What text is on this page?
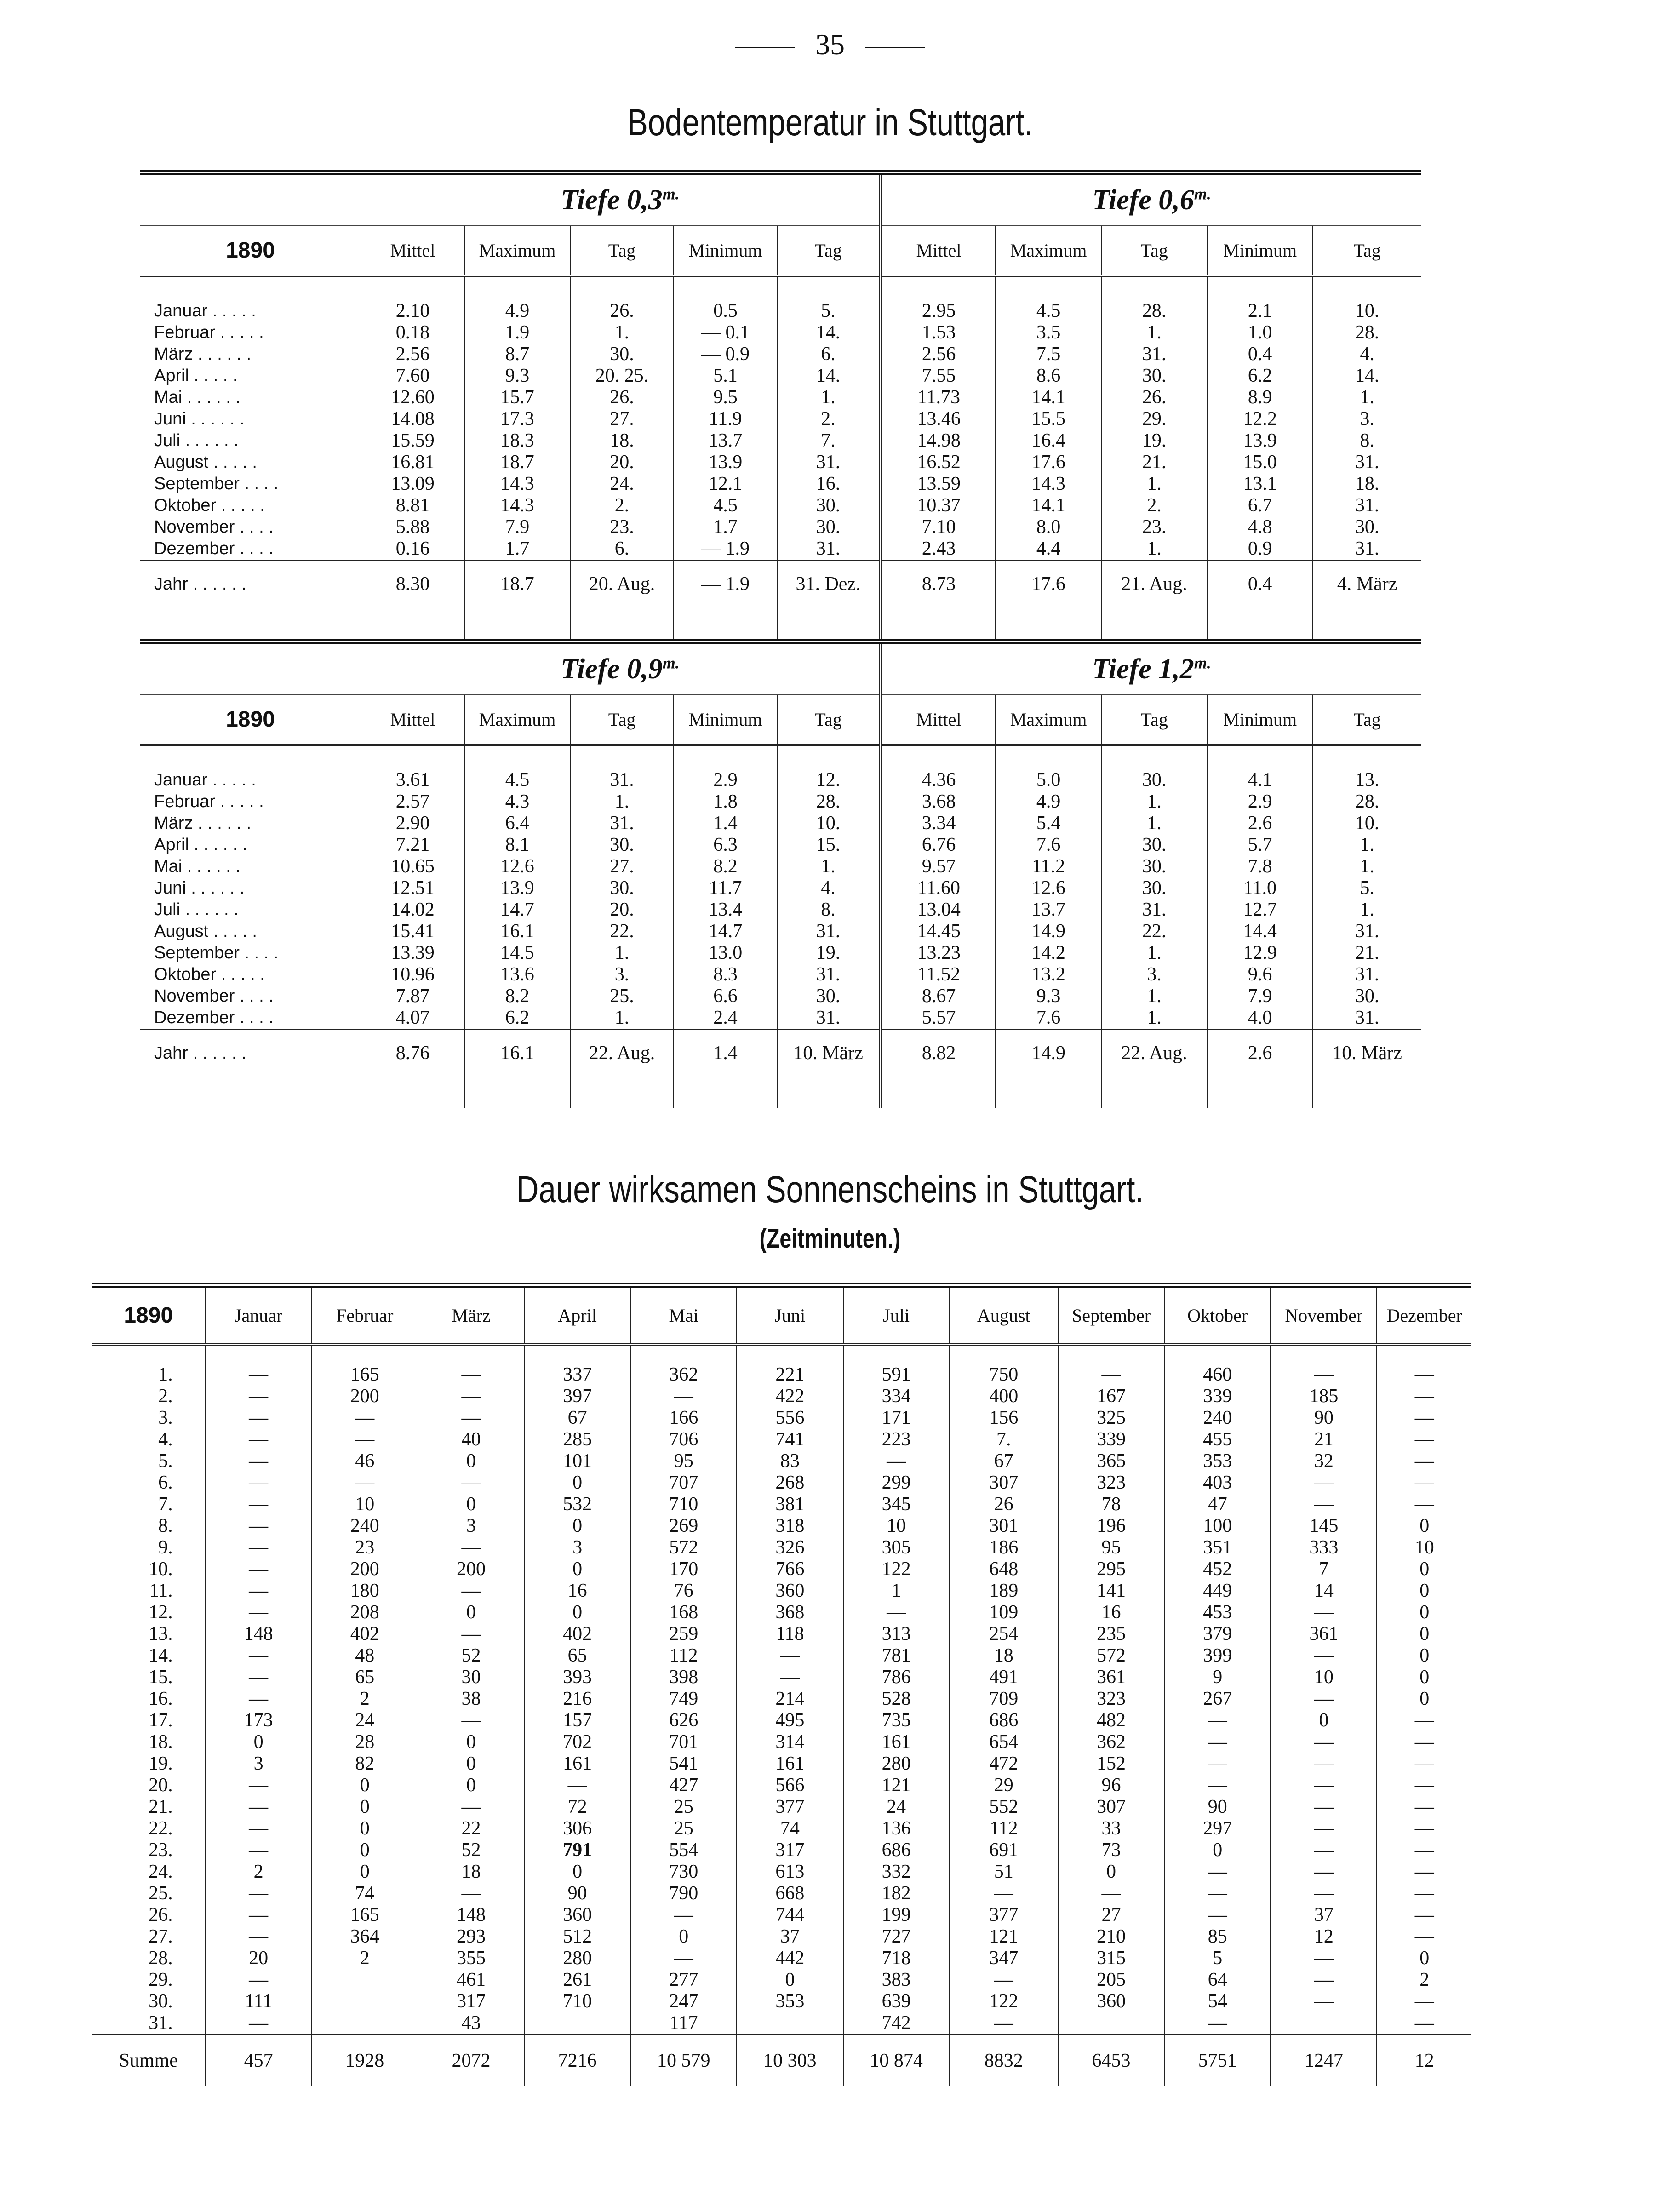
35
Bodentemperatur in Stuttgart.
	Tiefe $0,3^{m.}$					Tiefe $0,6^{m.}$
1890	Mittel	Maximum	Tag	Minimum	Tag	Mittel	Maximum	Tag	Minimum	Tag

Januar . . . . .	2.10	4.9	26.	0.5	5.	2.95	4.5	28.	2.1	10.
Februar . . . . .	0.18	1.9	1.	— 0.1	14.	1.53	3.5	1.	1.0	28.
März . . . . . .	2.56	8.7	30.	— 0.9	6.	2.56	7.5	31.	0.4	4.
April . . . . .	7.60	9.3	20. 25.	5.1	14.	7.55	8.6	30.	6.2	14.
Mai . . . . . .	12.60	15.7	26.	9.5	1.	11.73	14.1	26.	8.9	1.
Juni . . . . . .	14.08	17.3	27.	11.9	2.	13.46	15.5	29.	12.2	3.
Juli . . . . . .	15.59	18.3	18.	13.7	7.	14.98	16.4	19.	13.9	8.
August . . . . .	16.81	18.7	20.	13.9	31.	16.52	17.6	21.	15.0	31.
September . . . .	13.09	14.3	24.	12.1	16.	13.59	14.3	1.	13.1	18.
Oktober . . . . .	8.81	14.3	2.	4.5	30.	10.37	14.1	2.	6.7	31.
November . . . .	5.88	7.9	23.	1.7	30.	7.10	8.0	23.	4.8	30.
Dezember . . . .	0.16	1.7	6.	— 1.9	31.	2.43	4.4	1.	0.9	31.
Jahr . . . . . .	8.30	18.7	20. Aug.	— 1.9	31. Dez.	8.73	17.6	21. Aug.	0.4	4. März

	Tiefe $0,9^{m.}$					Tiefe $1,2^{m.}$
1890	Mittel	Maximum	Tag	Minimum	Tag	Mittel	Maximum	Tag	Minimum	Tag

Januar . . . . .	3.61	4.5	31.	2.9	12.	4.36	5.0	30.	4.1	13.
Februar . . . . .	2.57	4.3	1.	1.8	28.	3.68	4.9	1.	2.9	28.
März . . . . . .	2.90	6.4	31.	1.4	10.	3.34	5.4	1.	2.6	10.
April . . . . . .	7.21	8.1	30.	6.3	15.	6.76	7.6	30.	5.7	1.
Mai . . . . . .	10.65	12.6	27.	8.2	1.	9.57	11.2	30.	7.8	1.
Juni . . . . . .	12.51	13.9	30.	11.7	4.	11.60	12.6	30.	11.0	5.
Juli . . . . . .	14.02	14.7	20.	13.4	8.	13.04	13.7	31.	12.7	1.
August . . . . .	15.41	16.1	22.	14.7	31.	14.45	14.9	22.	14.4	31.
September . . . .	13.39	14.5	1.	13.0	19.	13.23	14.2	1.	12.9	21.
Oktober . . . . .	10.96	13.6	3.	8.3	31.	11.52	13.2	3.	9.6	31.
November . . . .	7.87	8.2	25.	6.6	30.	8.67	9.3	1.	7.9	30.
Dezember . . . .	4.07	6.2	1.	2.4	31.	5.57	7.6	1.	4.0	31.
Jahr . . . . . .	8.76	16.1	22. Aug.	1.4	10. März	8.82	14.9	22. Aug.	2.6	10. März

Dauer wirksamen Sonnenscheins in Stuttgart.
(Zeitminuten.)
1890	Januar	Februar	März	April	Mai	Juni	Juli	August	September	Oktober	November	Dezember

1.	—	165	—	337	362	221	591	750	—	460	—	—
2.	—	200	—	397	—	422	334	400	167	339	185	—
3.	—	—	—	67	166	556	171	156	325	240	90	—
4.	—	—	40	285	706	741	223	7.	339	455	21	—
5.	—	46	0	101	95	83	—	67	365	353	32	—
6.	—	—	—	0	707	268	299	307	323	403	—	—
7.	—	10	0	532	710	381	345	26	78	47	—	—
8.	—	240	3	0	269	318	10	301	196	100	145	0
9.	—	23	—	3	572	326	305	186	95	351	333	10
10.	—	200	200	0	170	766	122	648	295	452	7	0
11.	—	180	—	16	76	360	1	189	141	449	14	0
12.	—	208	0	0	168	368	—	109	16	453	—	0
13.	148	402	—	402	259	118	313	254	235	379	361	0
14.	—	48	52	65	112	—	781	18	572	399	—	0
15.	—	65	30	393	398	—	786	491	361	9	10	0
16.	—	2	38	216	749	214	528	709	323	267	—	0
17.	173	24	—	157	626	495	735	686	482	—	0	—
18.	0	28	0	702	701	314	161	654	362	—	—	—
19.	3	82	0	161	541	161	280	472	152	—	—	—
20.	—	0	0	—	427	566	121	29	96	—	—	—
21.	—	0	—	72	25	377	24	552	307	90	—	—
22.	—	0	22	306	25	74	136	112	33	297	—	—
23.	—	0	52	791	554	317	686	691	73	0	—	—
24.	2	0	18	0	730	613	332	51	0	—	—	—
25.	—	74	—	90	790	668	182	—	—	—	—	—
26.	—	165	148	360	—	744	199	377	27	—	37	—
27.	—	364	293	512	0	37	727	121	210	85	12	—
28.	20	2	355	280	—	442	718	347	315	5	—	0
29.	—		461	261	277	0	383	—	205	64	—	2
30.	111		317	710	247	353	639	122	360	54	—	—
31.	—		43		117		742	—		—		—
Summe	457	1928	2072	7216	10 579	10 303	10 874	8832	6453	5751	1247	12
